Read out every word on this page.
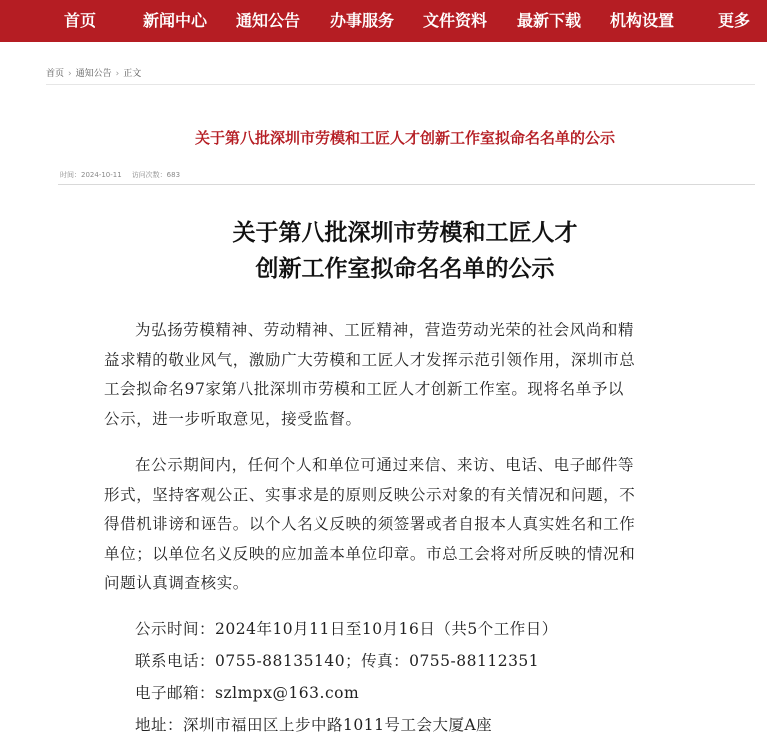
首页	新闻中心 通知公告 办事服务 文件资料 最新下载 机构设置	更多
首页 › 通知公告 › 正文
关于第八批深圳市劳模和工匠人才创新工作室拟命名名单的公示
时间：2024-10-11 访问次数：683
关于第八批深圳市劳模和工匠人才
创新工作室拟命名名单的公示
为弘扬劳模精神、劳动精神、工匠精神，营造劳动光荣的社会风尚和精
益求精的敬业风气，激励广大劳模和工匠人才发挥示范引领作用，深圳市总
工会拟命名97家第八批深圳市劳模和工匠人才创新工作室。现将名单予以
公示，进一步听取意见，接受监督。
在公示期间内，任何个人和单位可通过来信、来访、电话、电子邮件等
形式，坚持客观公正、实事求是的原则反映公示对象的有关情况和问题，不
得借机诽谤和诬告。以个人名义反映的须签署或者自报本人真实姓名和工作
单位；以单位名义反映的应加盖本单位印章。市总工会将对所反映的情况和
问题认真调查核实。
公示时间：2024年10月11日至10月16日（共5个工作日）
联系电话：0755-88135140；传真：0755-88112351
电子邮箱：szlmpx@163.com
地址：深圳市福田区上步中路1011号工会大厦A座
